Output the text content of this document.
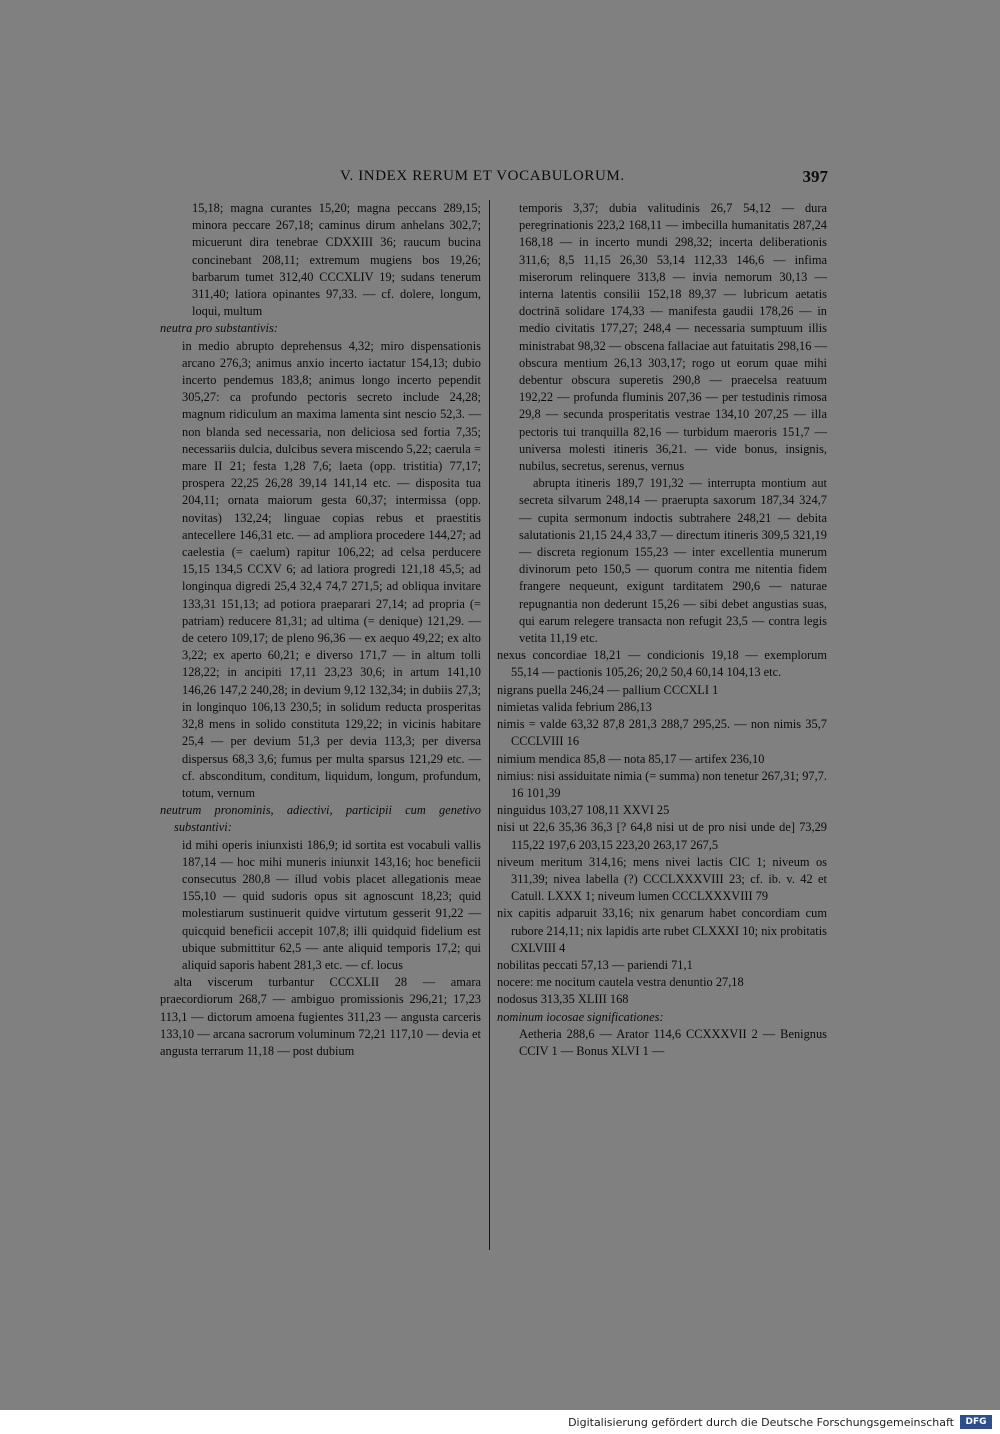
V. INDEX RERUM ET VOCABULORUM.	397

15,18; magna curantes 15,20; magna peccans 289,15; minora peccare 267,18; caminus dirum anhelans 302,7; micuerunt dira tenebrae CDXXIII 36; raucum bucina concinebant 208,11; extremum mugiens bos 19,26; barbarum tumet 312,40 CCCXLIV 19; sudans tenerum 311,40; latiora opinantes 97,33. — cf. dolere, longum, loqui, multum

neutra pro substantivis:

in medio abrupto deprehensus 4,32; miro dispensationis arcano 276,3; animus anxio incerto iactatur 154,13; dubio incerto pendemus 183,8; animus longo incerto pependit 305,27: ca profundo pectoris secreto include 24,28; magnum ridiculum an maxima lamenta sint nescio 52,3. — non blanda sed necessaria, non deliciosa sed fortia 7,35; necessariis dulcia, dulcibus severa miscendo 5,22; caerula = mare II 21; festa 1,28 7,6; laeta (opp. tristitia) 77,17; prospera 22,25 26,28 39,14 141,14 etc. — disposita tua 204,11; ornata maiorum gesta 60,37; intermissa (opp. novitas) 132,24; linguae copias rebus et praestitis antecellere 146,31 etc. — ad ampliora procedere 144,27; ad caelestia (= caelum) rapitur 106,22; ad celsa perducere 15,15 134,5 CCXV 6; ad latiora progredi 121,18 45,5; ad longinqua digredi 25,4 32,4 74,7 271,5; ad obliqua invitare 133,31 151,13; ad potiora praeparari 27,14; ad propria (= patriam) reducere 81,31; ad ultima (= denique) 121,29. — de cetero 109,17; de pleno 96,36 — ex aequo 49,22; ex alto 3,22; ex aperto 60,21; e diverso 171,7 — in altum tolli 128,22; in ancipiti 17,11 23,23 30,6; in artum 141,10 146,26 147,2 240,28; in devium 9,12 132,34; in dubiis 27,3; in longinquo 106,13 230,5; in solidum reducta prosperitas 32,8 mens in solido constituta 129,22; in vicinis habitare 25,4 — per devium 51,3 per devia 113,3; per diversa dispersus 68,3 3,6; fumus per multa sparsus 121,29 etc. — cf. absconditum, conditum, liquidum, longum, profundum, totum, vernum

neutrum pronominis, adiectivi, participii cum genetivo substantivi:

id mihi operis iniunxisti 186,9; id sortita est vocabuli vallis 187,14 — hoc mihi muneris iniunxit 143,16; hoc beneficii consecutus 280,8 — illud vobis placet allegationis meae 155,10 — quid sudoris opus sit agnoscunt 18,23; quid molestiarum sustinuerit quidve virtutum gesserit 91,22 — quicquid beneficii accepit 107,8; illi quidquid fidelium est ubique submittitur 62,5 — ante aliquid temporis 17,2; qui aliquid saporis habent 281,3 etc. — cf. locus

alta viscerum turbantur CCCXLII 28 — amara praecordiorum 268,7 — ambiguo promissionis 296,21; 17,23 113,1 — dictorum amoena fugientes 311,23 — angusta carceris 133,10 — arcana sacrorum voluminum 72,21 117,10 — devia et angusta terrarum 11,18 — post dubium

temporis 3,37; dubia valitudinis 26,7 54,12 — dura peregrinationis 223,2 168,11 — imbecilla humanitatis 287,24 168,18 — in incerto mundi 298,32; incerta deliberationis 311,6; 8,5 11,15 26,30 53,14 112,33 146,6 — infima miserorum relinquere 313,8 — invia nemorum 30,13 — interna latentis consilii 152,18 89,37 — lubricum aetatis doctrinā solidare 174,33 — manifesta gaudii 178,26 — in medio civitatis 177,27; 248,4 — necessaria sumptuum illis ministrabat 98,32 — obscena fallaciae aut fatuitatis 298,16 — obscura mentium 26,13 303,17; rogo ut eorum quae mihi debentur obscura superetis 290,8 — praecelsa reatuum 192,22 — profunda fluminis 207,36 — per testudinis rimosa 29,8 — secunda prosperitatis vestrae 134,10 207,25 — illa pectoris tui tranquilla 82,16 — turbidum maeroris 151,7 — universa molesti itineris 36,21. — vide bonus, insignis, nubilus, secretus, serenus, vernus

abrupta itineris 189,7 191,32 — interrupta montium aut secreta silvarum 248,14 — praerupta saxorum 187,34 324,7 — cupita sermonum indoctis subtrahere 248,21 — debita salutationis 21,15 24,4 33,7 — directum itineris 309,5 321,19 — discreta regionum 155,23 — inter excellentia munerum divinorum peto 150,5 — quorum contra me nitentia fidem frangere nequeunt, exigunt tarditatem 290,6 — naturae repugnantia non dederunt 15,26 — sibi debet angustias suas, qui earum relegere transacta non refugit 23,5 — contra legis vetita 11,19 etc.

nexus concordiae 18,21 — condicionis 19,18 — exemplorum 55,14 — pactionis 105,26; 20,2 50,4 60,14 104,13 etc.

nigrans puella 246,24 — pallium CCCXLI 1

nimietas valida febrium 286,13

nimis = valde 63,32 87,8 281,3 288,7 295,25. — non nimis 35,7 CCCLVIII 16

nimium mendica 85,8 — nota 85,17 — artifex 236,10

nimius: nisi assiduitate nimia (= summa) non tenetur 267,31; 97,7. 16 101,39

ninguidus 103,27 108,11 XXVI 25

nisi ut 22,6 35,36 36,3 [? 64,8 nisi ut de pro nisi unde de] 73,29 115,22 197,6 203,15 223,20 263,17 267,5

niveum meritum 314,16; mens nivei lactis CIC 1; niveum os 311,39; nivea labella (?) CCCLXXXVIII 23; cf. ib. v. 42 et Catull. LXXX 1; niveum lumen CCCLXXXVIII 79

nix capitis adparuit 33,16; nix genarum habet concordiam cum rubore 214,11; nix lapidis arte rubet CLXXXI 10; nix probitatis CXLVIII 4

nobilitas peccati 57,13 — pariendi 71,1

nocere: me nocitum cautela vestra denuntio 27,18

nodosus 313,35 XLIII 168

nominum iocosae significationes:

Aetheria 288,6 — Arator 114,6 CCXXXVII 2 — Benignus CCIV 1 — Bonus XLVI 1 —

Digitalisierung gefördert durch die Deutsche Forschungsgemeinschaft	DFG
